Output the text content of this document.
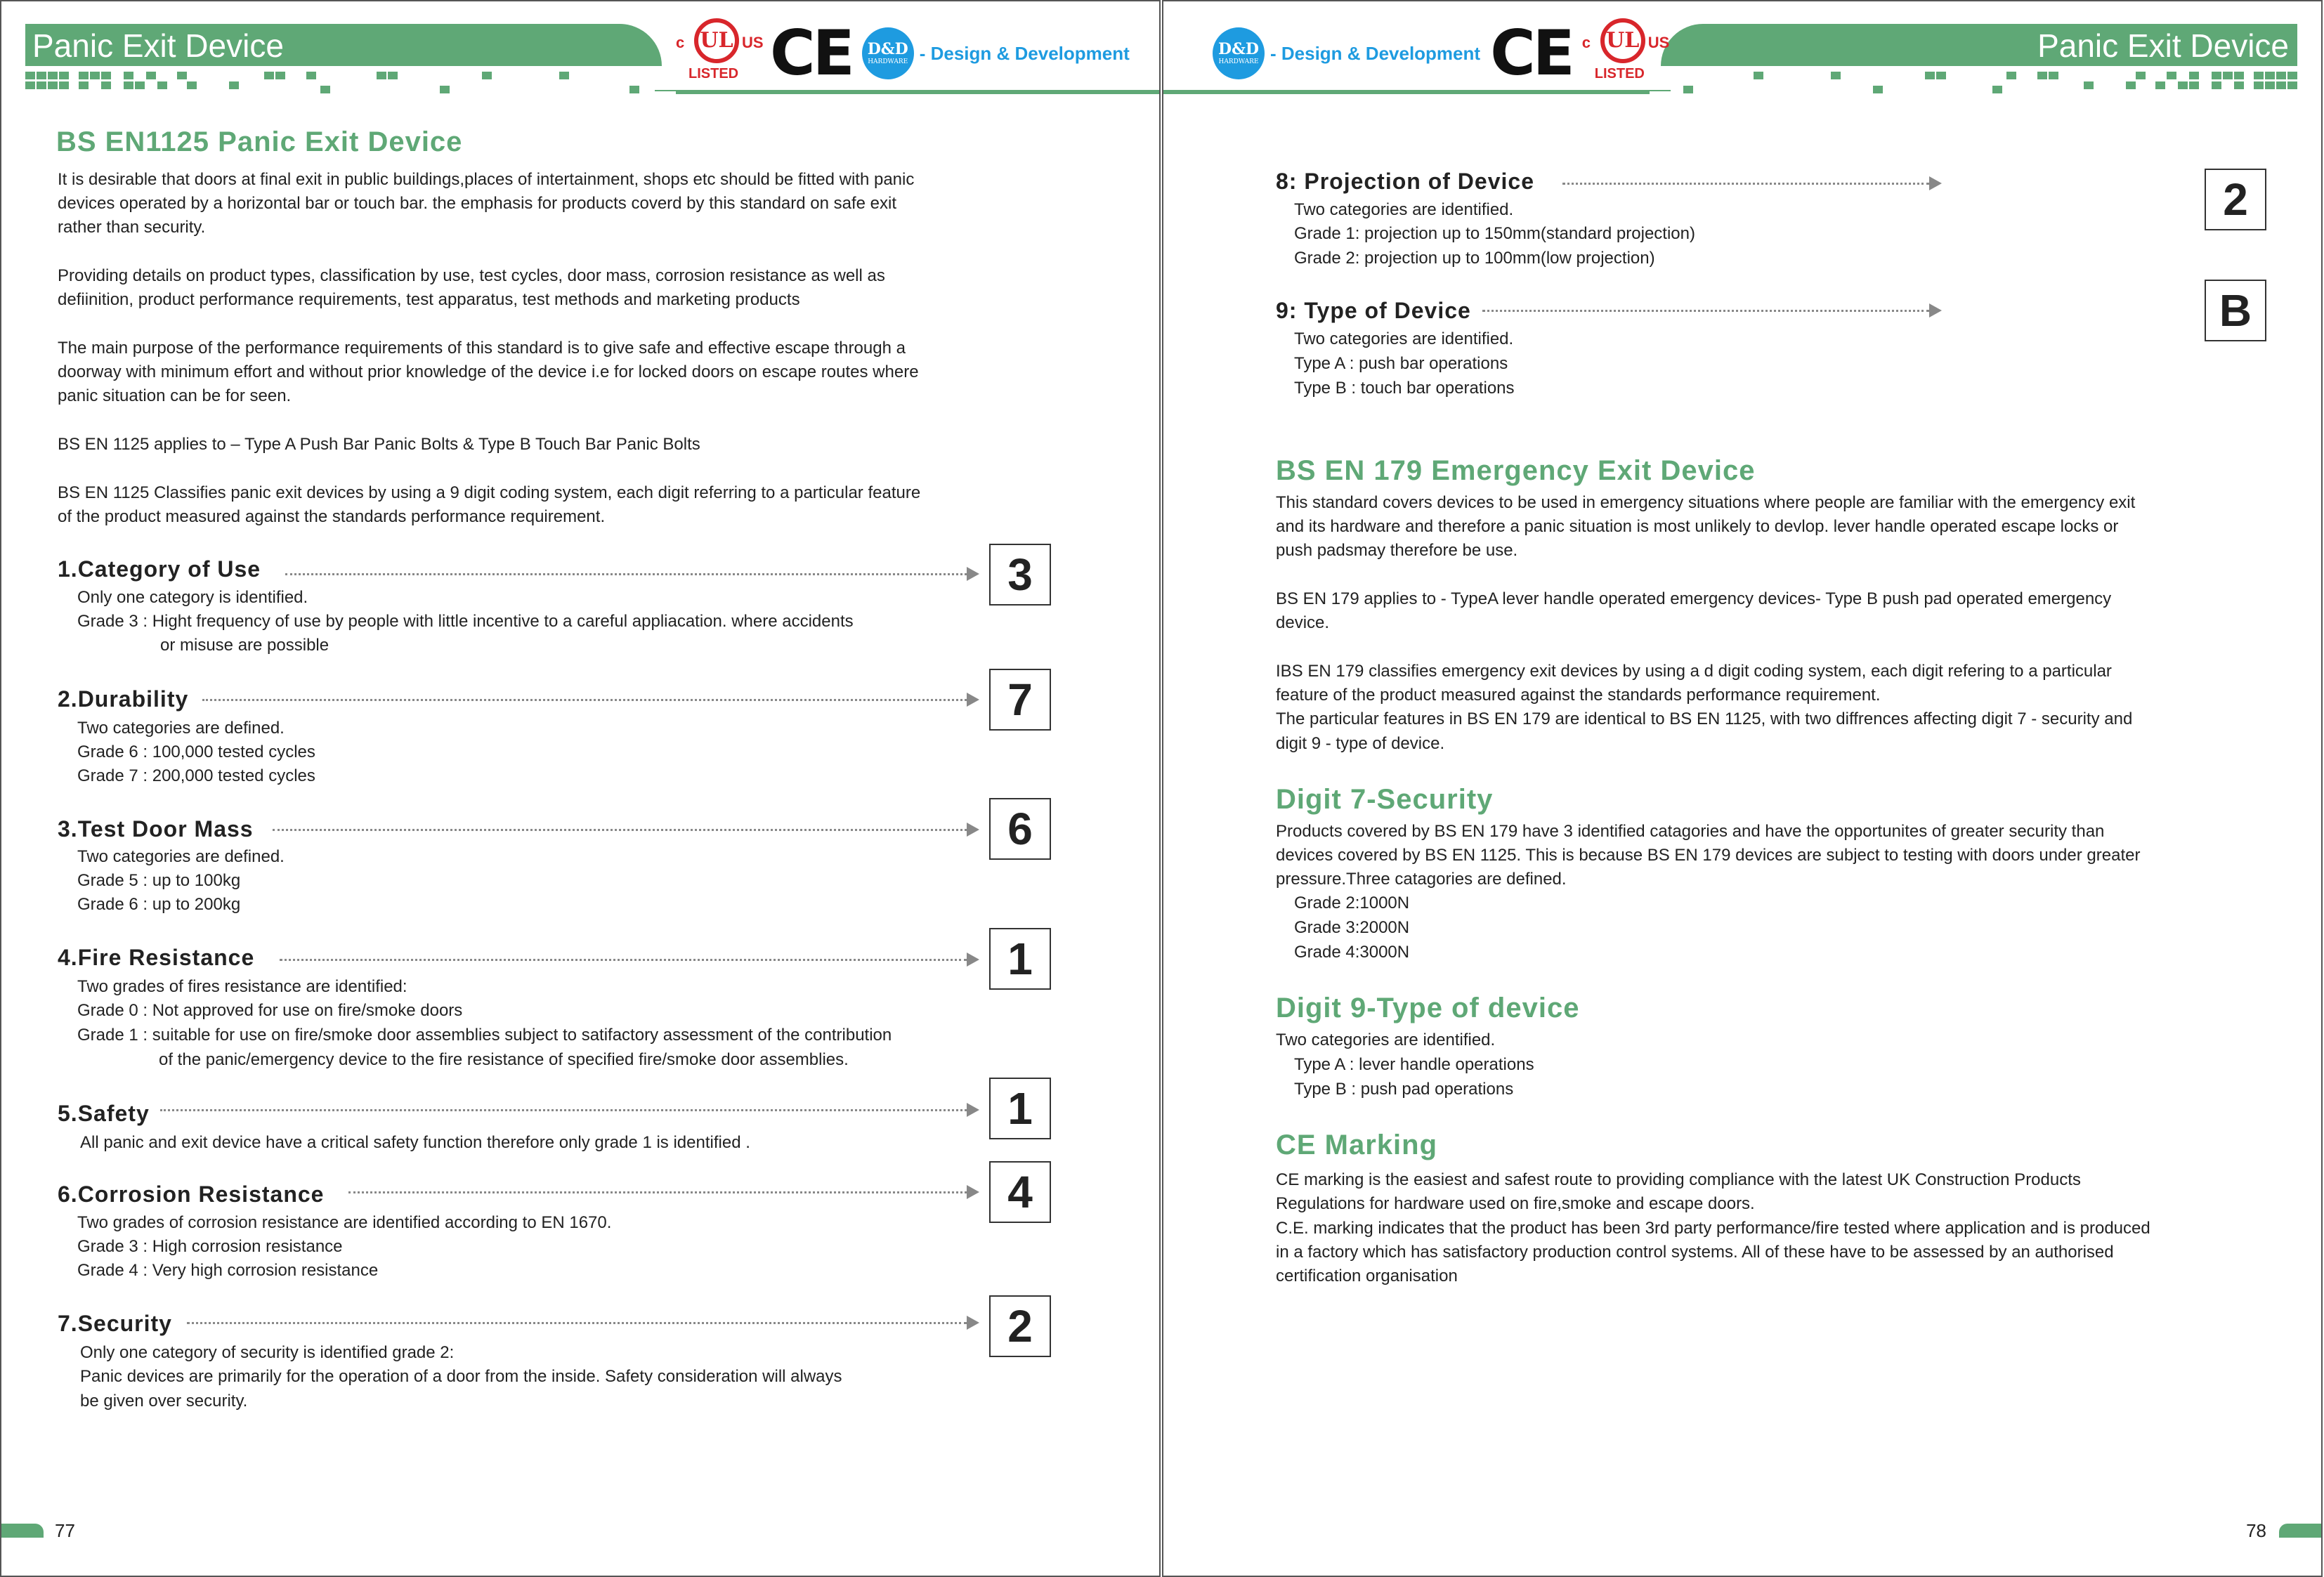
Panic Exit Device	c UL US
LISTED CE D&D
HARDWARE - Design & Development
BS EN1125 Panic Exit Device
It is desirable that doors at final exit in public buildings,places of intertainment, shops etc should be fitted with panic
devices operated by a horizontal bar or touch bar. the emphasis for products coverd by this standard on safe exit
rather than security.
Providing details on product types, classification by use, test cycles, door mass, corrosion resistance as well as
defiinition, product performance requirements, test apparatus, test methods and marketing products
The main purpose of the performance requirements of this standard is to give safe and effective escape through a
doorway with minimum effort and without prior knowledge of the device i.e for locked doors on escape routes where
panic situation can be for seen.
BS EN 1125 applies to – Type A Push Bar Panic Bolts & Type B Touch Bar Panic Bolts
BS EN 1125 Classifies panic exit devices by using a 9 digit coding system, each digit referring to a particular feature
of the product measured against the standards performance requirement.
1.Category of Use	3
Only one category is identified.
Grade 3 : Hight frequency of use by people with little incentive to a careful appliacation. where accidents
or misuse are possible
2.Durability	7
Two categories are defined.
Grade 6 : 100,000 tested cycles
Grade 7 : 200,000 tested cycles
3.Test Door Mass	6
Two categories are defined.
Grade 5 : up to 100kg
Grade 6 : up to 200kg
4.Fire Resistance	1
Two grades of fires resistance are identified:
Grade 0 : Not approved for use on fire/smoke doors
Grade 1 : suitable for use on fire/smoke door assemblies subject to satifactory assessment of the contribution
of the panic/emergency device to the fire resistance of specified fire/smoke door assemblies.
5.Safety	1
All panic and exit device have a critical safety function therefore only grade 1 is identified .
6.Corrosion Resistance	4
Two grades of corrosion resistance are identified according to EN 1670.
Grade 3 : High corrosion resistance
Grade 4 : Very high corrosion resistance
7.Security	2
Only one category of security is identified grade 2:
Panic devices are primarily for the operation of a door from the inside. Safety consideration will always
be given over security.
77
Panic Exit Device
D&D
HARDWARE - Design & Development CE c UL US
LISTED
8: Projection of Device	2
Two categories are identified.
Grade 1: projection up to 150mm(standard projection)
Grade 2: projection up to 100mm(low projection)
9: Type of Device	B
Two categories are identified.
Type A : push bar operations
Type B : touch bar operations
BS EN 179 Emergency Exit Device
This standard covers devices to be used in emergency situations where people are familiar with the emergency exit
and its hardware and therefore a panic situation is most unlikely to devlop. lever handle operated escape locks or
push padsmay therefore be use.
BS EN 179 applies to - TypeA lever handle operated emergency devices- Type B push pad operated emergency
device.
IBS EN 179 classifies emergency exit devices by using a d digit coding system, each digit refering to a particular
feature of the product measured against the standards performance requirement.
The particular features in BS EN 179 are identical to BS EN 1125, with two diffrences affecting digit 7 - security and
digit 9 - type of device.
Digit 7-Security
Products covered by BS EN 179 have 3 identified catagories and have the opportunites of greater security than
devices covered by BS EN 1125. This is because BS EN 179 devices are subject to testing with doors under greater
pressure.Three catagories are defined.
Grade 2:1000N
Grade 3:2000N
Grade 4:3000N
Digit 9-Type of device
Two categories are identified.
Type A : lever handle operations
Type B : push pad operations
CE Marking
CE marking is the easiest and safest route to providing compliance with the latest UK Construction Products
Regulations for hardware used on fire,smoke and escape doors.
C.E. marking indicates that the product has been 3rd party performance/fire tested where application and is produced
in a factory which has satisfactory production control systems. All of these have to be assessed by an authorised
certification organisation
78
